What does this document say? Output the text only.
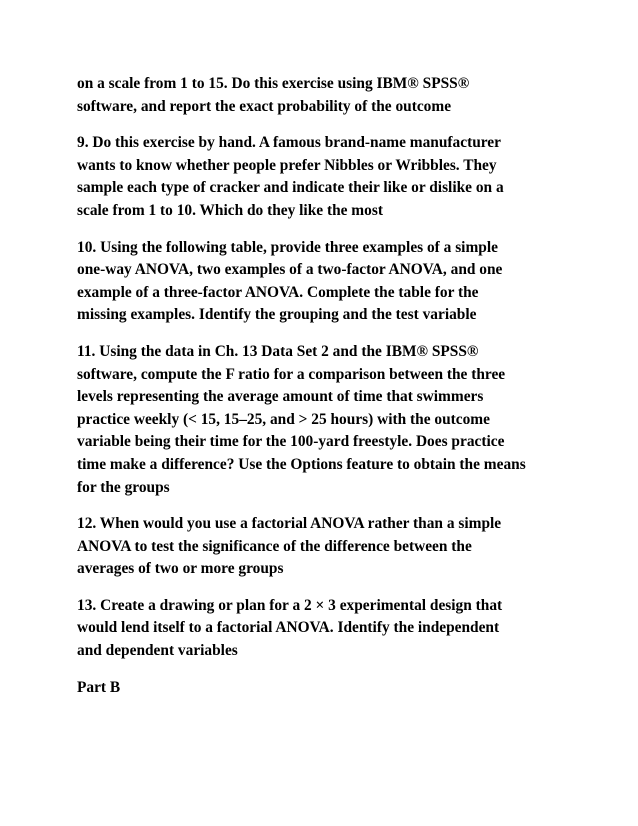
on a scale from 1 to 15. Do this exercise using IBM® SPSS®
software, and report the exact probability of the outcome

9. Do this exercise by hand. A famous brand-name manufacturer
wants to know whether people prefer Nibbles or Wribbles. They
sample each type of cracker and indicate their like or dislike on a
scale from 1 to 10. Which do they like the most

10. Using the following table, provide three examples of a simple
one-way ANOVA, two examples of a two-factor ANOVA, and one
example of a three-factor ANOVA. Complete the table for the
missing examples. Identify the grouping and the test variable

11. Using the data in Ch. 13 Data Set 2 and the IBM® SPSS®
software, compute the F ratio for a comparison between the three
levels representing the average amount of time that swimmers
practice weekly (< 15, 15–25, and > 25 hours) with the outcome
variable being their time for the 100-yard freestyle. Does practice
time make a difference? Use the Options feature to obtain the means
for the groups

12. When would you use a factorial ANOVA rather than a simple
ANOVA to test the significance of the difference between the
averages of two or more groups

13. Create a drawing or plan for a 2 × 3 experimental design that
would lend itself to a factorial ANOVA. Identify the independent
and dependent variables

Part B
